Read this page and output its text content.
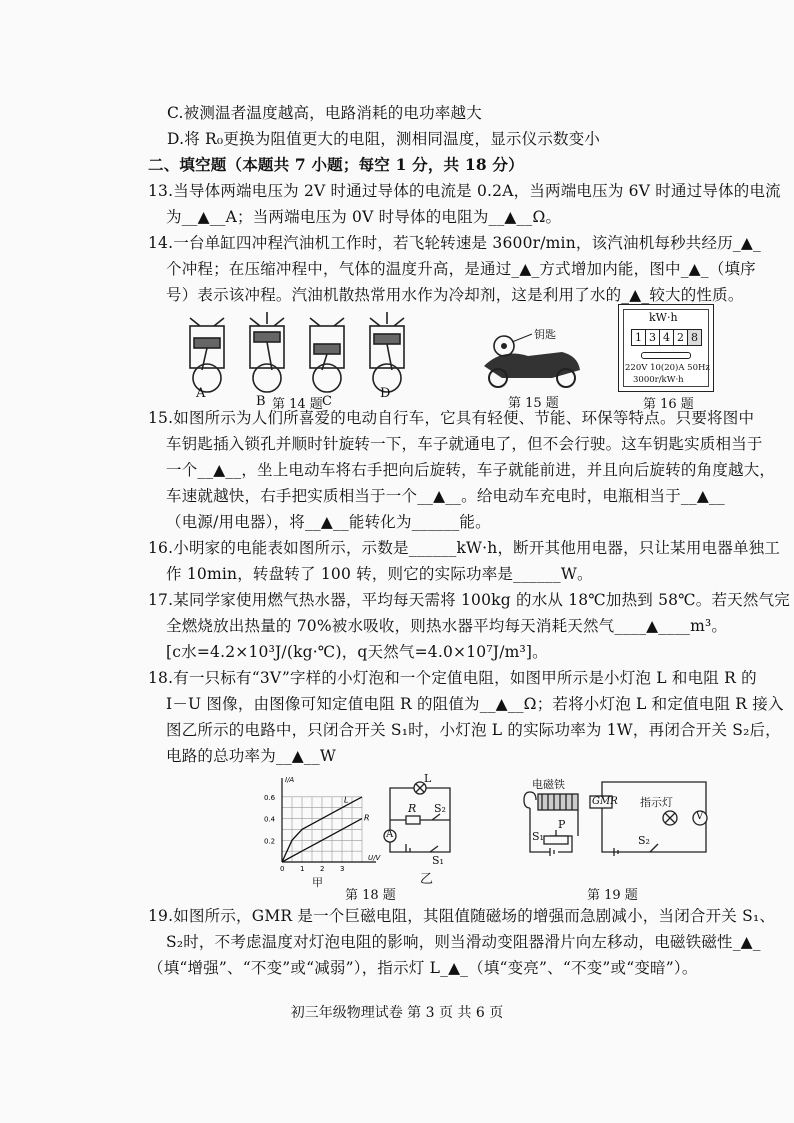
C.被测温者温度越高，电路消耗的电功率越大
D.将 R₀更换为阻值更大的电阻，测相同温度，显示仪示数变小
二、填空题（本题共 7 小题；每空 1 分，共 18 分）
13.当导体两端电压为 2V 时通过导体的电流是 0.2A，当两端电压为 6V 时通过导体的电流
为__▲__A；当两端电压为 0V 时导体的电阻为__▲__Ω。
14.一台单缸四冲程汽油机工作时，若飞轮转速是 3600r/min，该汽油机每秒共经历_▲_
个冲程；在压缩冲程中，气体的温度升高，是通过_▲_方式增加内能，图中_▲_（填序
号）表示该冲程。汽油机散热常用水作为冷却剂，这是利用了水的_▲_较大的性质。
A
B	C
D
第 14 题
钥匙
第 15 题
kW·h
1 3 4 2 8
220V 10(20)A 50Hz
3000r/kW·h
第 16 题
15.如图所示为人们所喜爱的电动自行车，它具有轻便、节能、环保等特点。只要将图中
车钥匙插入锁孔并顺时针旋转一下，车子就通电了，但不会行驶。这车钥匙实质相当于
一个__▲__，坐上电动车将右手把向后旋转，车子就能前进，并且向后旋转的角度越大，
车速就越快，右手把实质相当于一个__▲__。给电动车充电时，电瓶相当于__▲__
（电源/用电器），将__▲__能转化为______能。
16.小明家的电能表如图所示，示数是______kW·h，断开其他用电器，只让某用电器单独工
作 10min，转盘转了 100 转，则它的实际功率是______W。
17.某同学家使用燃气热水器，平均每天需将 100kg 的水从 18℃加热到 58℃。若天然气完
全燃烧放出热量的 70%被水吸收，则热水器平均每天消耗天然气____▲____m³。
[c水=4.2×10³J/(kg·℃)，q天然气=4.0×10⁷J/m³]。
18.有一只标有“3V”字样的小灯泡和一个定值电阻，如图甲所示是小灯泡 L 和电阻 R 的
I－U 图像，由图像可知定值电阻 R 的阻值为__▲__Ω；若将小灯泡 L 和定值电阻 R 接入
图乙所示的电路中，只闭合开关 S₁时，小灯泡 L 的实际功率为 1W，再闭合开关 S₂后，
电路的总功率为__▲__W
0.6
0.4
0.2
0 1 2 3
I/A
U/V
L
R
甲
L
R S₂
A
S₁
乙
第 18 题
电磁铁
GMR 指示灯
V
S₁
P
S₂
第 19 题
19.如图所示，GMR 是一个巨磁电阻，其阻值随磁场的增强而急剧减小，当闭合开关 S₁、
S₂时，不考虑温度对灯泡电阻的影响，则当滑动变阻器滑片向左移动，电磁铁磁性_▲_
（填“增强”、“不变”或“减弱”），指示灯 L_▲_（填“变亮”、“不变”或“变暗”）。
初三年级物理试卷 第 3 页 共 6 页
